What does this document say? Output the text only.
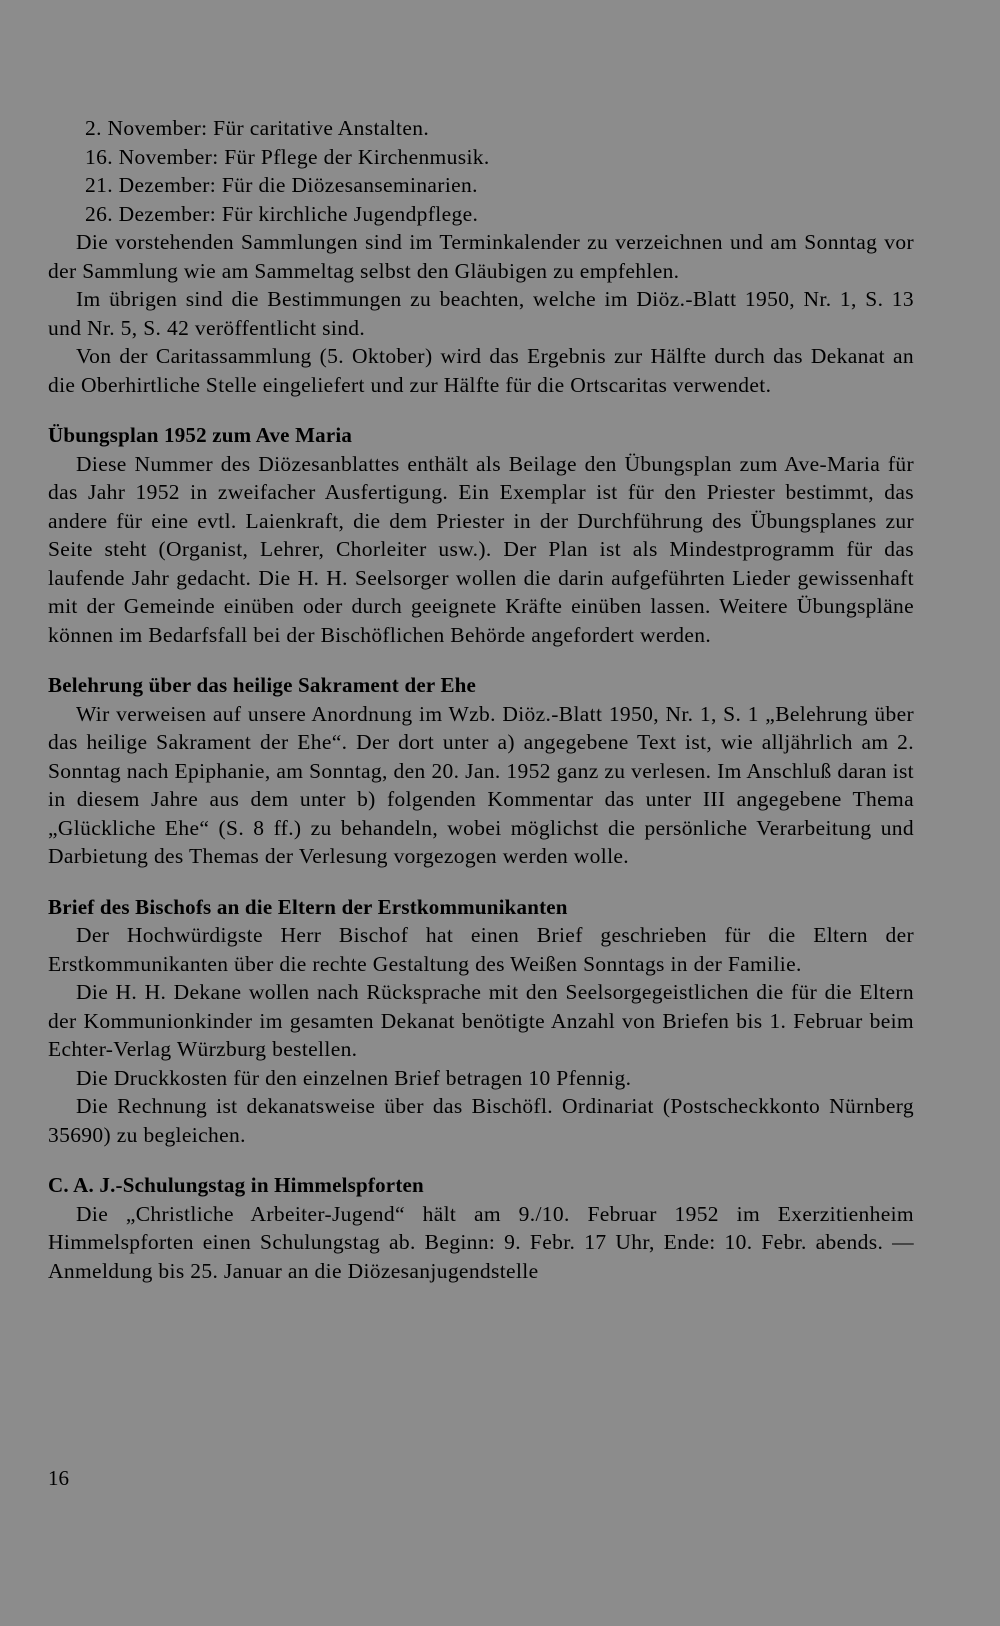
2. November: Für caritative Anstalten.

16. November: Für Pflege der Kirchenmusik.

21. Dezember: Für die Diözesanseminarien.

26. Dezember: Für kirchliche Jugendpflege.

Die vorstehenden Sammlungen sind im Terminkalender zu verzeichnen und am Sonntag vor der Sammlung wie am Sammeltag selbst den Gläubigen zu empfehlen.

Im übrigen sind die Bestimmungen zu beachten, welche im Diöz.-Blatt 1950, Nr. 1, S. 13 und Nr. 5, S. 42 veröffentlicht sind.

Von der Caritassammlung (5. Oktober) wird das Ergebnis zur Hälfte durch das Dekanat an die Oberhirtliche Stelle eingeliefert und zur Hälfte für die Ortscaritas verwendet.

Übungsplan 1952 zum Ave Maria

Diese Nummer des Diözesanblattes enthält als Beilage den Übungsplan zum Ave-Maria für das Jahr 1952 in zweifacher Ausfertigung. Ein Exemplar ist für den Priester bestimmt, das andere für eine evtl. Laienkraft, die dem Priester in der Durchführung des Übungsplanes zur Seite steht (Organist, Lehrer, Chorleiter usw.). Der Plan ist als Mindestprogramm für das laufende Jahr gedacht. Die H. H. Seelsorger wollen die darin aufgeführten Lieder gewissenhaft mit der Gemeinde einüben oder durch geeignete Kräfte einüben lassen. Weitere Übungspläne können im Bedarfsfall bei der Bischöflichen Behörde angefordert werden.

Belehrung über das heilige Sakrament der Ehe

Wir verweisen auf unsere Anordnung im Wzb. Diöz.-Blatt 1950, Nr. 1, S. 1 „Belehrung über das heilige Sakrament der Ehe“. Der dort unter a) angegebene Text ist, wie alljährlich am 2. Sonntag nach Epiphanie, am Sonntag, den 20. Jan. 1952 ganz zu verlesen. Im Anschluß daran ist in diesem Jahre aus dem unter b) folgenden Kommentar das unter III angegebene Thema „Glückliche Ehe“ (S. 8 ff.) zu behandeln, wobei möglichst die persönliche Verarbeitung und Darbietung des Themas der Verlesung vorgezogen werden wolle.

Brief des Bischofs an die Eltern der Erstkommunikanten

Der Hochwürdigste Herr Bischof hat einen Brief geschrieben für die Eltern der Erstkommunikanten über die rechte Gestaltung des Weißen Sonntags in der Familie.

Die H. H. Dekane wollen nach Rücksprache mit den Seelsorgegeistlichen die für die Eltern der Kommunionkinder im gesamten Dekanat benötigte Anzahl von Briefen bis 1. Februar beim Echter-Verlag Würzburg bestellen.

Die Druckkosten für den einzelnen Brief betragen 10 Pfennig.

Die Rechnung ist dekanatsweise über das Bischöfl. Ordinariat (Postscheckkonto Nürnberg 35690) zu begleichen.

C. A. J.-Schulungstag in Himmelspforten

Die „Christliche Arbeiter-Jugend“ hält am 9./10. Februar 1952 im Exerzitienheim Himmelspforten einen Schulungstag ab. Beginn: 9. Febr. 17 Uhr, Ende: 10. Febr. abends. — Anmeldung bis 25. Januar an die Diözesanjugendstelle

16
